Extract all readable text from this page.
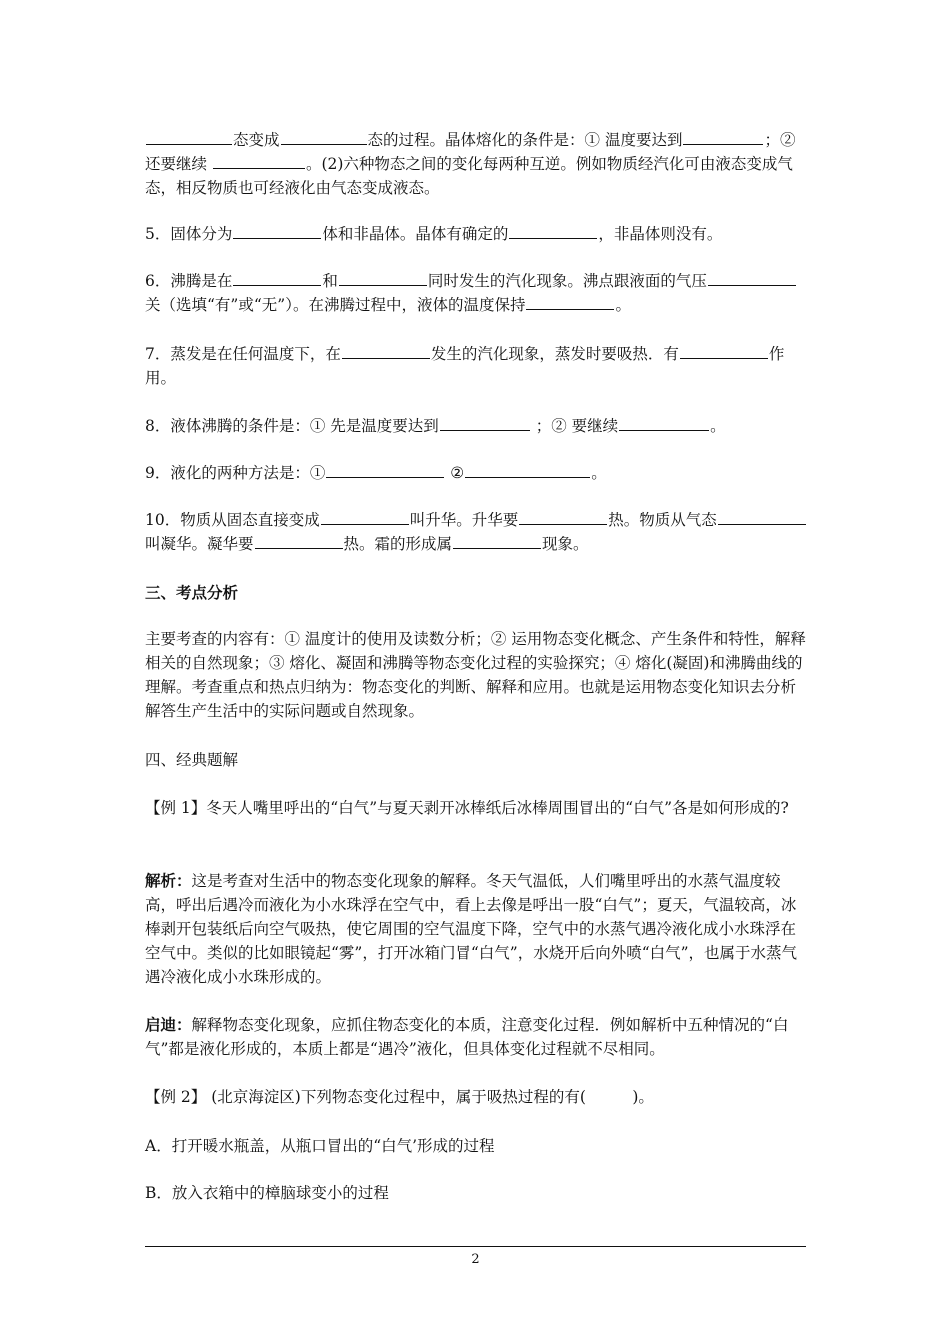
态变成	态的过程。晶体熔化的条件是：① 温度要达到	；② 还要继续	。(2)六种物态之间的变化每两种互逆。例如物质经汽化可由液态变成气态，相反物质也可经液化由气态变成液态。

5．固体分为	体和非晶体。晶体有确定的	，非晶体则没有。

6．沸腾是在	和	同时发生的汽化现象。沸点跟液面的气压关（选填“有”或“无”）。在沸腾过程中，液体的温度保持	。

7．蒸发是在任何温度下，在	发生的汽化现象，蒸发时要吸热．有	作用。

8．液体沸腾的条件是：① 先是温度要达到	；② 要继续	。

9．液化的两种方法是：①	②	。

10．物质从固态直接变成	叫升华。升华要	热。物质从气态叫凝华。凝华要	热。霜的形成属	现象。

三、考点分析

主要考查的内容有：① 温度计的使用及读数分析；② 运用物态变化概念、产生条件和特性，解释相关的自然现象；③ 熔化、凝固和沸腾等物态变化过程的实验探究；④ 熔化(凝固)和沸腾曲线的理解。考查重点和热点归纳为：物态变化的判断、解释和应用。也就是运用物态变化知识去分析解答生产生活中的实际问题或自然现象。

四、经典题解

【例 1】冬天人嘴里呼出的“白气”与夏天剥开冰棒纸后冰棒周围冒出的“白气”各是如何形成的?

解析：这是考查对生活中的物态变化现象的解释。冬天气温低，人们嘴里呼出的水蒸气温度较高，呼出后遇冷而液化为小水珠浮在空气中，看上去像是呼出一股“白气”；夏天，气温较高，冰棒剥开包装纸后向空气吸热，使它周围的空气温度下降，空气中的水蒸气遇冷液化成小水珠浮在空气中。类似的比如眼镜起“雾”，打开冰箱门冒“白气”，水烧开后向外喷“白气”，也属于水蒸气遇冷液化成小水珠形成的。

启迪：解释物态变化现象，应抓住物态变化的本质，注意变化过程．例如解析中五种情况的“白气”都是液化形成的，本质上都是“遇冷”液化，但具体变化过程就不尽相同。

【例 2】 (北京海淀区)下列物态变化过程中，属于吸热过程的有(　　　)。

A．打开暖水瓶盖，从瓶口冒出的“白气’形成的过程

B．放入衣箱中的樟脑球变小的过程

2
